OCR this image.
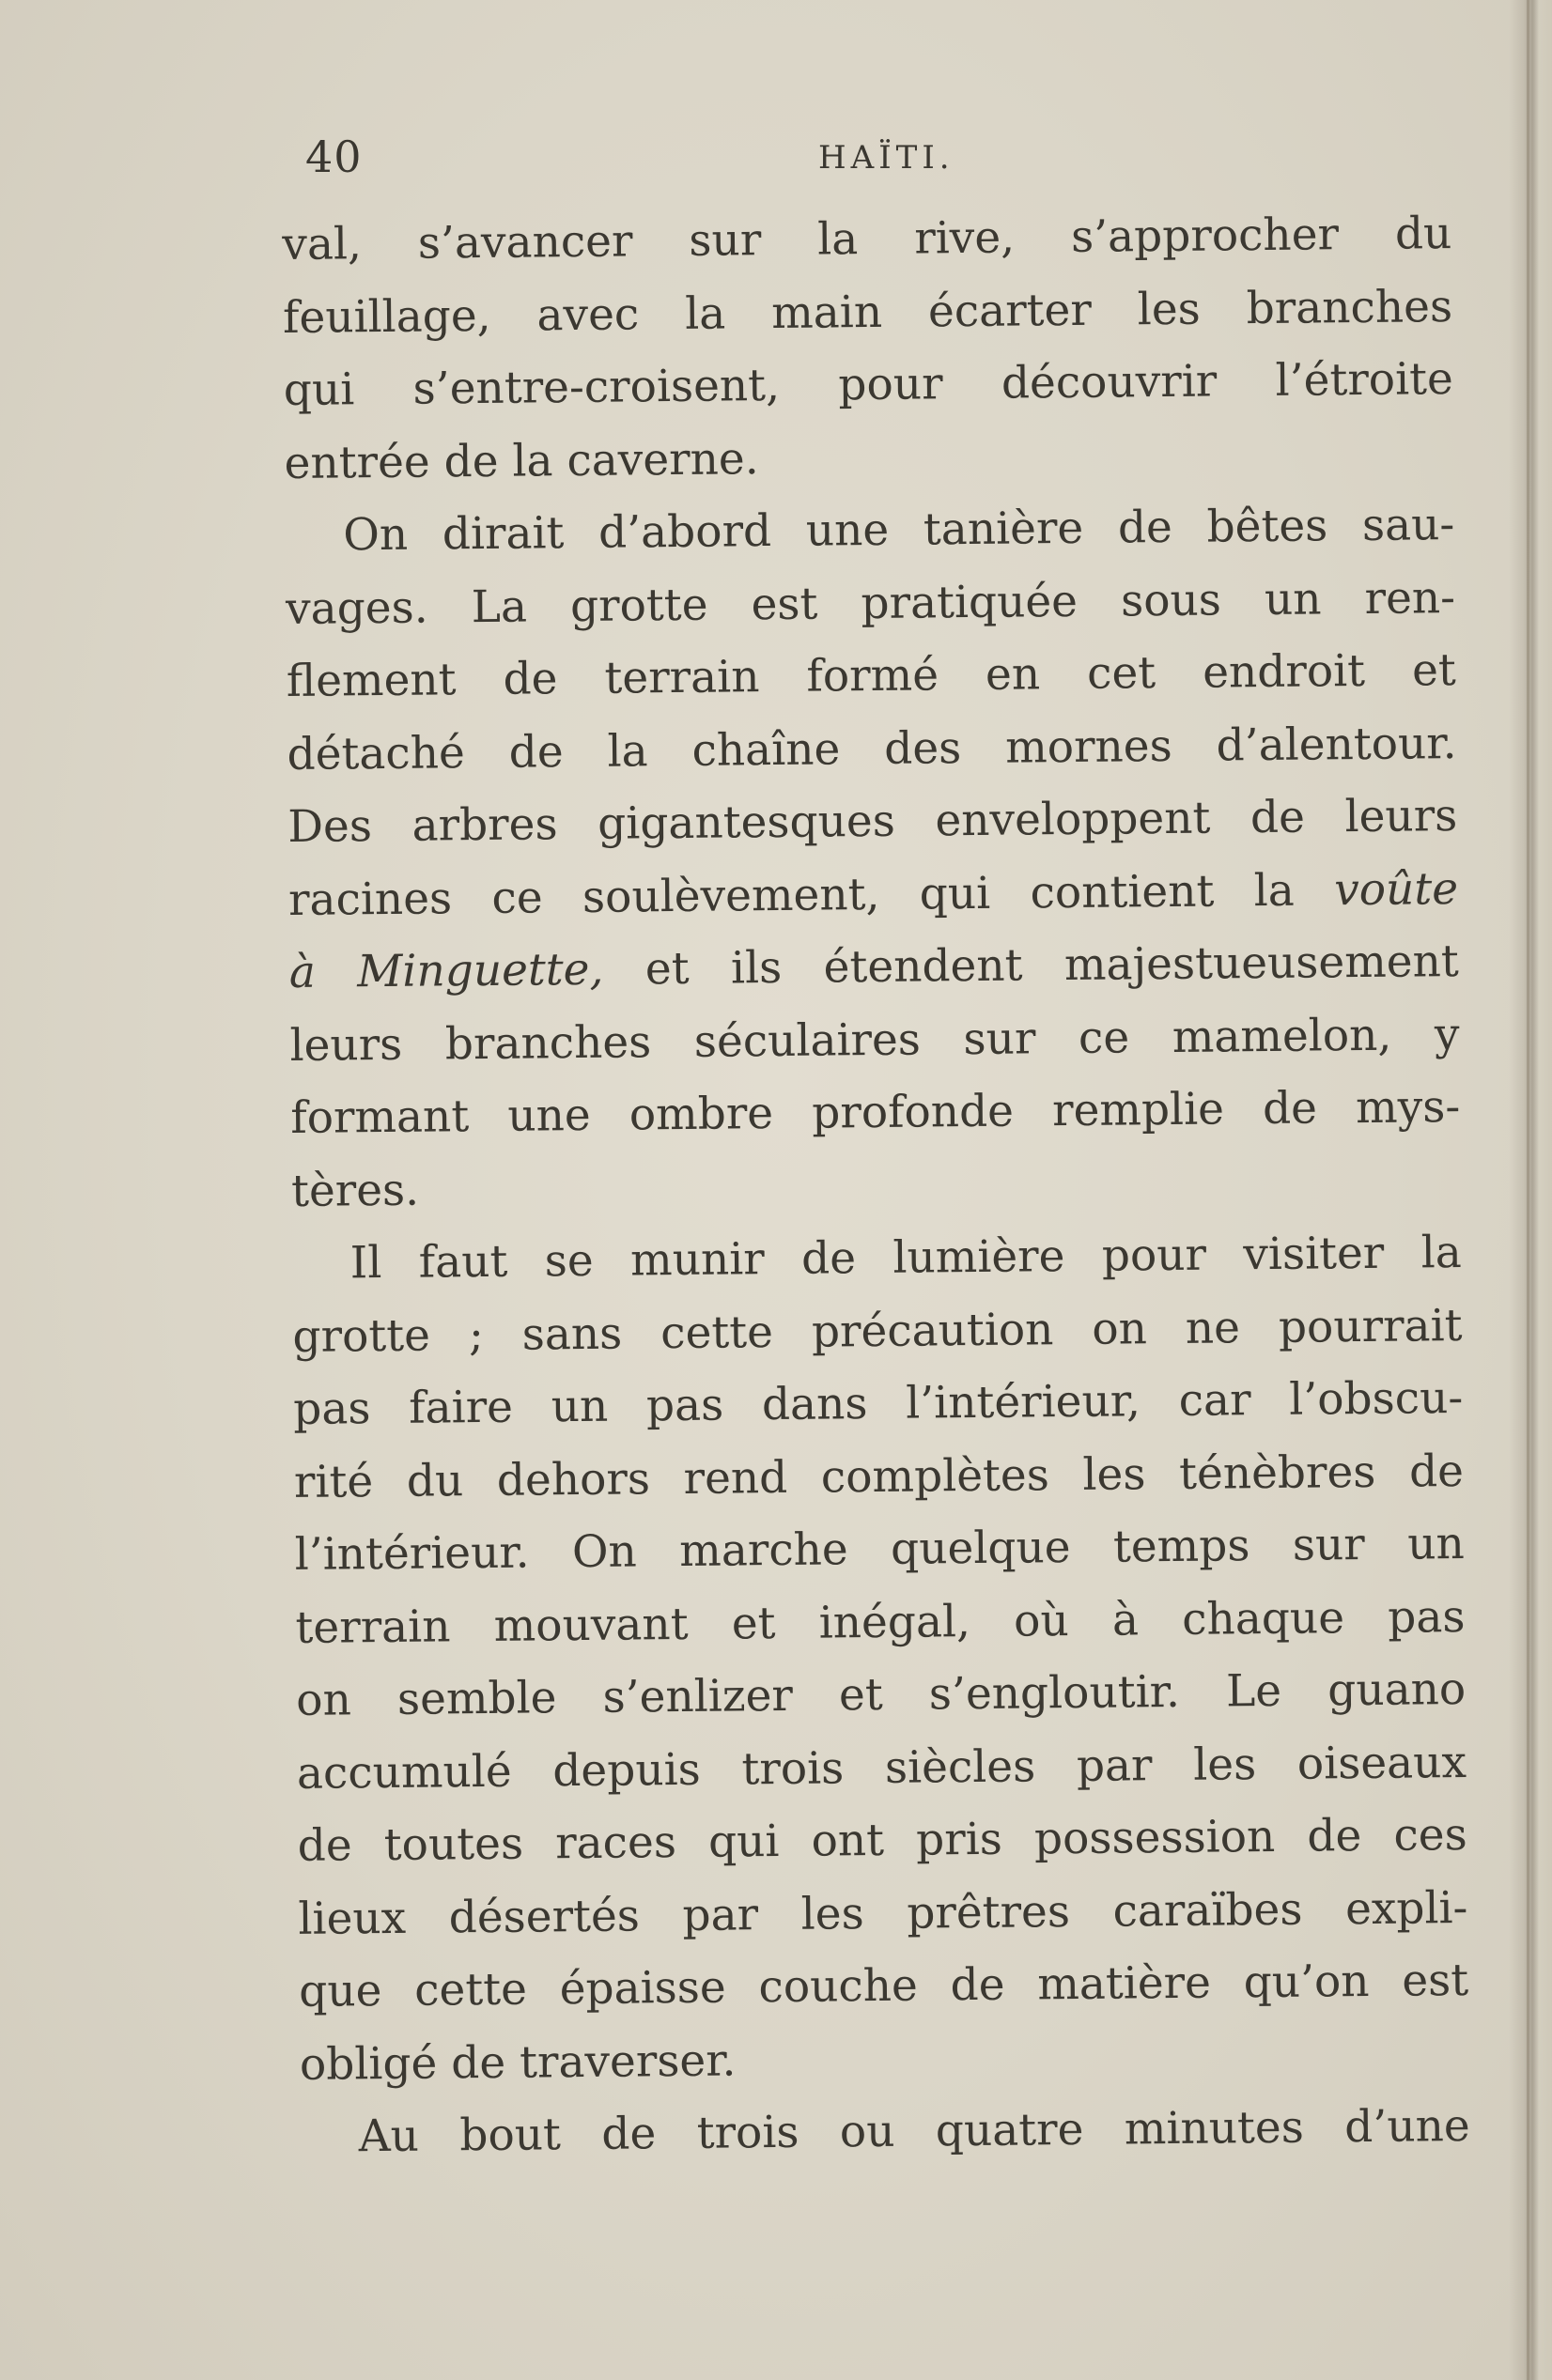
40	HAÏTI.
val, s’avancer sur la rive, s’approcher du
feuillage, avec la main écarter les branches
qui s’entre-croisent, pour découvrir l’étroite
entrée de la caverne.
On dirait d’abord une tanière de bêtes sau-
vages. La grotte est pratiquée sous un ren-
flement de terrain formé en cet endroit et
détaché de la chaîne des mornes d’alentour.
Des arbres gigantesques enveloppent de leurs
racines ce soulèvement, qui contient la voûte
à Minguette, et ils étendent majestueusement
leurs branches séculaires sur ce mamelon, y
formant une ombre profonde remplie de mys-
tères.
Il faut se munir de lumière pour visiter la
grotte ; sans cette précaution on ne pourrait
pas faire un pas dans l’intérieur, car l’obscu-
rité du dehors rend complètes les ténèbres de
l’intérieur. On marche quelque temps sur un
terrain mouvant et inégal, où à chaque pas
on semble s’enlizer et s’engloutir. Le guano
accumulé depuis trois siècles par les oiseaux
de toutes races qui ont pris possession de ces
lieux désertés par les prêtres caraïbes expli-
que cette épaisse couche de matière qu’on est
obligé de traverser.
Au bout de trois ou quatre minutes d’une
